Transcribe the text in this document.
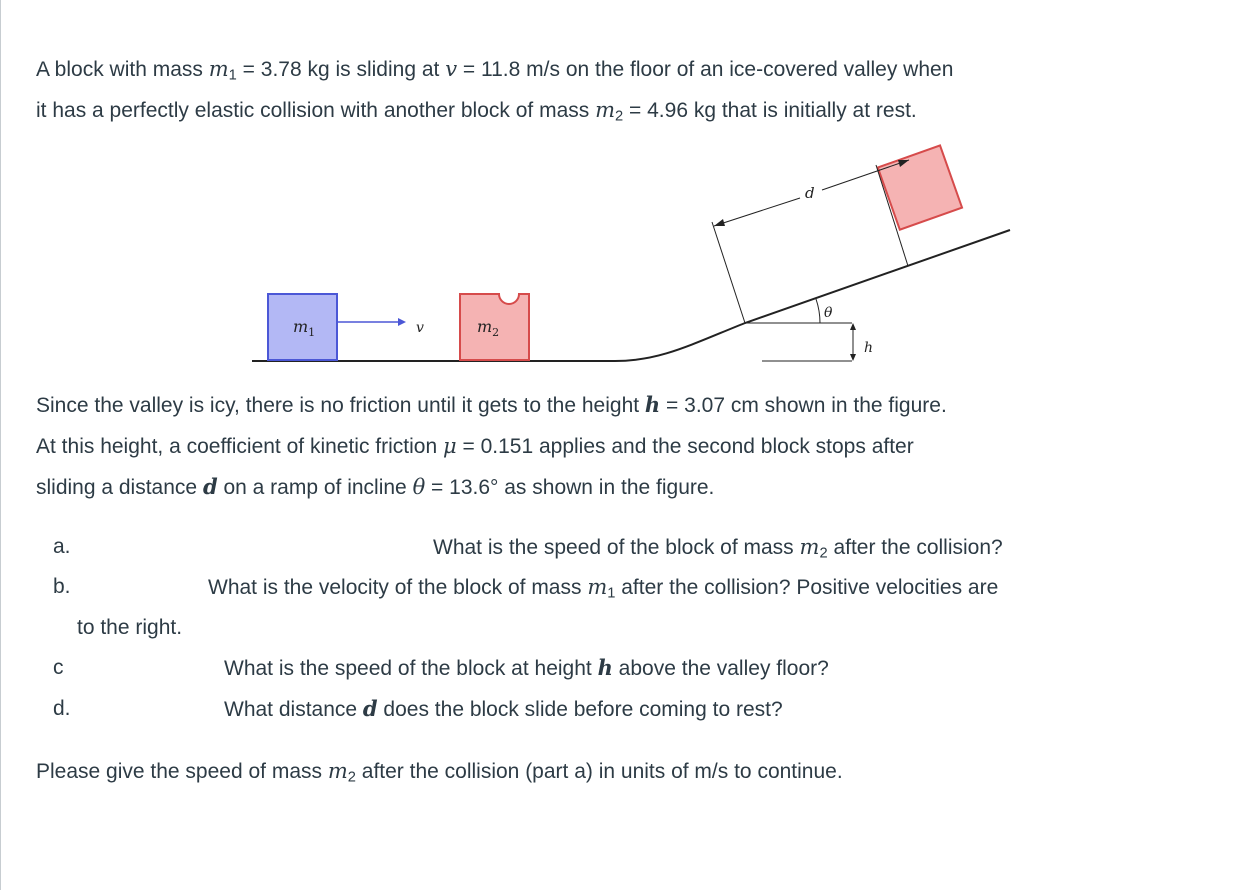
A block with mass $m_1 = 3.78$ kg is sliding at v = 11.8 m/s on the floor of an ice-covered valley when
it has a perfectly elastic collision with another block of mass $m_2 = 4.96$ kg that is initially at rest.
$m_1$	v	$m_2$
d
θ
h
Since the valley is icy, there is no friction until it gets to the height h = 3.07 cm shown in the figure.
At this height, a coefficient of kinetic friction μ = 0.151 applies and the second block stops after
sliding a distance d on a ramp of incline θ = 13.6° as shown in the figure.
a.	What is the speed of the block of mass $m_2$ after the collision?
b.	What is the velocity of the block of mass $m_1$ after the collision? Positive velocities are
to the right.
c	What is the speed of the block at height h above the valley floor?
d.	What distance d does the block slide before coming to rest?
Please give the speed of mass $m_2$ after the collision (part a) in units of m/s to continue.
